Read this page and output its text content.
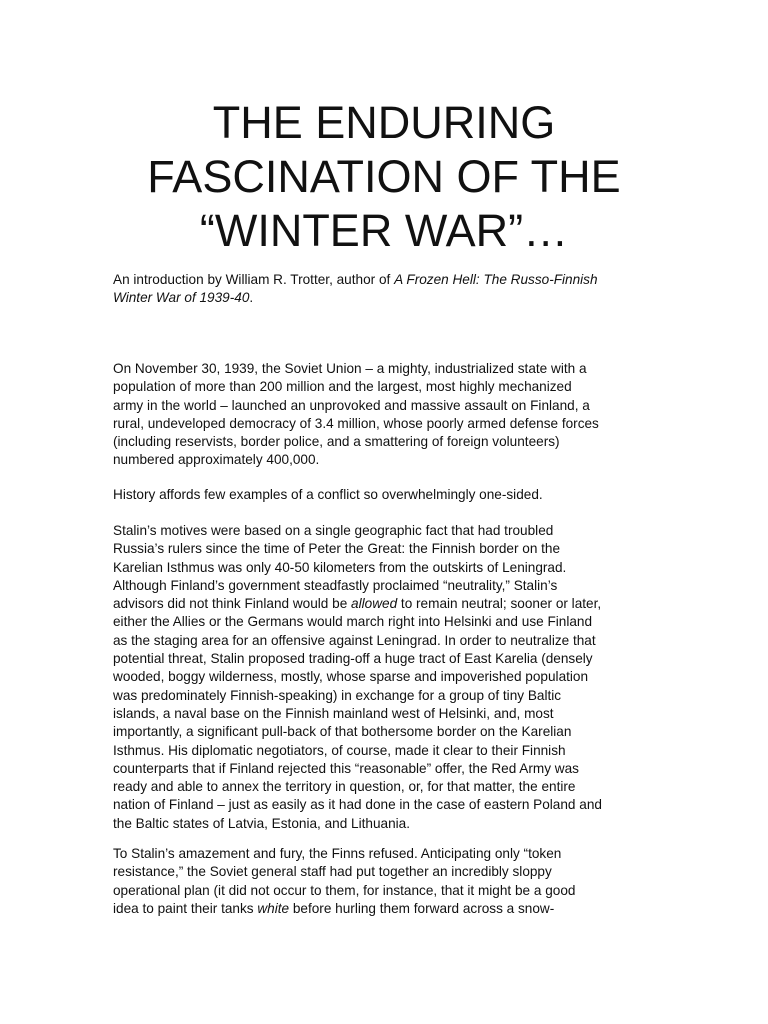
THE ENDURING
FASCINATION OF THE
“WINTER WAR”…
An introduction by William R. Trotter, author of A Frozen Hell: The Russo-Finnish
Winter War of 1939-40.
On November 30, 1939, the Soviet Union – a mighty, industrialized state with a
population of more than 200 million and the largest, most highly mechanized
army in the world – launched an unprovoked and massive assault on Finland, a
rural, undeveloped democracy of 3.4 million, whose poorly armed defense forces
(including reservists, border police, and a smattering of foreign volunteers)
numbered approximately 400,000.
History affords few examples of a conflict so overwhelmingly one-sided.
Stalin’s motives were based on a single geographic fact that had troubled
Russia’s rulers since the time of Peter the Great: the Finnish border on the
Karelian Isthmus was only 40-50 kilometers from the outskirts of Leningrad.
Although Finland’s government steadfastly proclaimed “neutrality,” Stalin’s
advisors did not think Finland would be allowed to remain neutral; sooner or later,
either the Allies or the Germans would march right into Helsinki and use Finland
as the staging area for an offensive against Leningrad. In order to neutralize that
potential threat, Stalin proposed trading-off a huge tract of East Karelia (densely
wooded, boggy wilderness, mostly, whose sparse and impoverished population
was predominately Finnish-speaking) in exchange for a group of tiny Baltic
islands, a naval base on the Finnish mainland west of Helsinki, and, most
importantly, a significant pull-back of that bothersome border on the Karelian
Isthmus. His diplomatic negotiators, of course, made it clear to their Finnish
counterparts that if Finland rejected this “reasonable” offer, the Red Army was
ready and able to annex the territory in question, or, for that matter, the entire
nation of Finland – just as easily as it had done in the case of eastern Poland and
the Baltic states of Latvia, Estonia, and Lithuania.
To Stalin’s amazement and fury, the Finns refused. Anticipating only “token
resistance,” the Soviet general staff had put together an incredibly sloppy
operational plan (it did not occur to them, for instance, that it might be a good
idea to paint their tanks white before hurling them forward across a snow-
